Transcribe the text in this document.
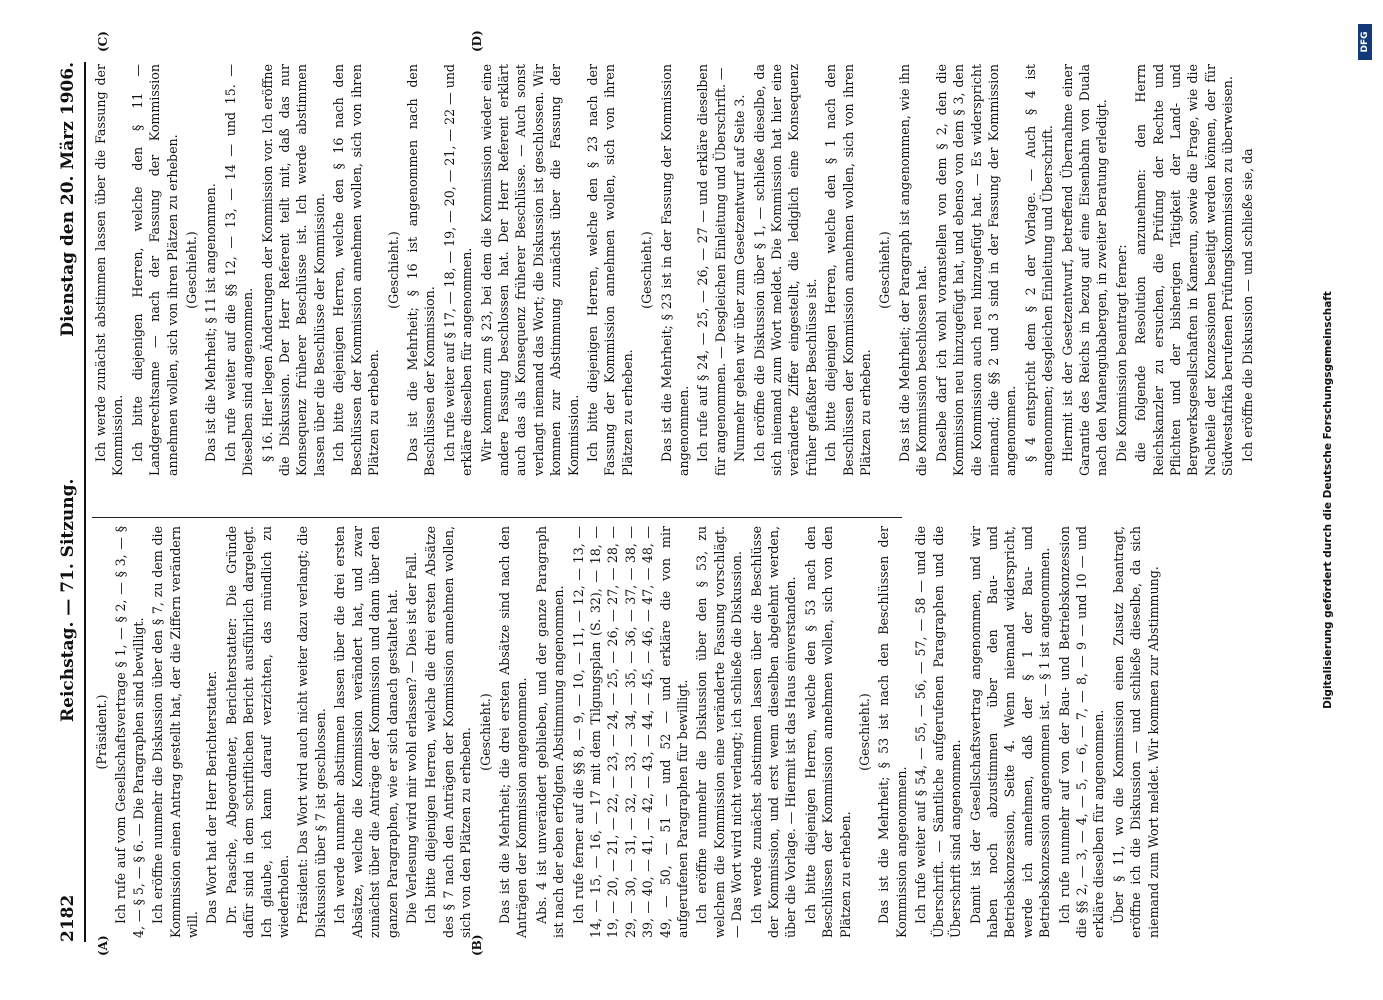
2182
Reichstag. — 71. Sitzung.
Dienstag den 20. März 1906.
(A)	(B)
(C)	(D)

(Präsident.) Ich rufe auf vom Gesellschaftsvertrage § 1, — § 2, — § 3, — § 4, — § 5, — § 6. — Die Paragraphen sind bewilligt. Ich eröffne nunmehr die Diskussion über den § 7, zu dem die Kommission einen Antrag gestellt hat, der die Ziffern verändern will.

Das Wort hat der Herr Berichterstatter. Dr. Paasche, Abgeordneter, Berichterstatter: Die Gründe dafür sind in dem schriftlichen Bericht ausführlich dargelegt. Ich glaube, ich kann darauf verzichten, das mündlich zu wiederholen. Präsident: Das Wort wird auch nicht weiter dazu verlangt; die Diskussion über § 7 ist geschlossen. Ich werde nunmehr abstimmen lassen über die drei ersten Absätze, welche die Kommission verändert hat, und zwar zunächst über die Anträge der Kommission und dann über den ganzen Paragraphen, wie er sich danach gestaltet hat. Die Verlesung wird mir wohl erlassen? — Dies ist der Fall. Ich bitte diejenigen Herren, welche die drei ersten Absätze des § 7 nach den Anträgen der Kommission annehmen wollen, sich von den Plätzen zu erheben. (Geschieht.) Das ist die Mehrheit; die drei ersten Absätze sind nach den Anträgen der Kommission angenommen. Abs. 4 ist unverändert geblieben, und der ganze Paragraph ist nach der eben erfolgten Abstimmung angenommen. Ich rufe ferner auf die §§ 8, — 9, — 10, — 11, — 12, — 13, — 14, — 15, — 16, — 17 mit dem Tilgungsplan (S. 32), — 18, — 19, — 20, — 21, — 22, — 23, — 24, — 25, — 26, — 27, — 28, — 29, — 30, — 31, — 32, — 33, — 34, — 35, — 36, — 37, — 38, — 39, — 40, — 41, — 42, — 43, — 44, — 45, — 46, — 47, — 48, — 49, — 50, — 51 — und 52 — und erkläre die von mir aufgerufenen Paragraphen für bewilligt. Ich eröffne nunmehr die Diskussion über den § 53, zu welchem die Kommission eine veränderte Fassung vorschlägt. — Das Wort wird nicht verlangt; ich schließe die Diskussion. Ich werde zunächst abstimmen lassen über die Beschlüsse der Kommission, und erst wenn dieselben abgelehnt werden, über die Vorlage. — Hiermit ist das Haus einverstanden. Ich bitte diejenigen Herren, welche den § 53 nach den Beschlüssen der Kommission annehmen wollen, sich von den Plätzen zu erheben.

(Geschieht.) Das ist die Mehrheit; § 53 ist nach den Beschlüssen der Kommission angenommen. Ich rufe weiter auf § 54, — 55, — 56, — 57, — 58 — und die Überschrift. — Sämtliche aufgerufenen Paragraphen und die Überschrift sind angenommen. Damit ist der Gesellschaftsvertrag angenommen, und wir haben noch abzustimmen über den Bau- und Betriebskonzession, Seite 4. Wenn niemand widerspricht, werde ich annehmen, daß der § 1 der Bau- und Betriebskonzession angenommen ist. — § 1 ist angenommen. Ich rufe nunmehr auf von der Bau- und Betriebskonzession die §§ 2, — 3, — 4, — 5, — 6, — 7, — 8, — 9 — und 10 — und erkläre dieselben für angenommen. Über § 11, wo die Kommission einen Zusatz beantragt, eröffne ich die Diskussion — und schließe dieselbe, da sich niemand zum Wort meldet. Wir kommen zur Abstimmung.

Ich werde zunächst abstimmen lassen über die Fassung der Kommission. Ich bitte diejenigen Herren, welche den § 11 — Landgerechtsame — nach der Fassung der Kommission annehmen wollen, sich von ihren Plätzen zu erheben. (Geschieht.) Das ist die Mehrheit; § 11 ist angenommen. Ich rufe weiter auf die §§ 12, — 13, — 14 — und 15. — Dieselben sind angenommen. § 16. Hier liegen Änderungen der Kommission vor. Ich eröffne die Diskussion. Der Herr Referent teilt mit, daß das nur Konsequenz früherer Beschlüsse ist. Ich werde abstimmen lassen über die Beschlüsse der Kommission. Ich bitte diejenigen Herren, welche den § 16 nach den Beschlüssen der Kommission annehmen wollen, sich von ihren Plätzen zu erheben.

(Geschieht.) Das ist die Mehrheit; § 16 ist angenommen nach den Beschlüssen der Kommission. Ich rufe weiter auf § 17, — 18, — 19, — 20, — 21, — 22 — und erkläre dieselben für angenommen. Wir kommen zum § 23, bei dem die Kommission wieder eine andere Fassung beschlossen hat. Der Herr Referent erklärt auch das als Konsequenz früherer Beschlüsse. — Auch sonst verlangt niemand das Wort; die Diskussion ist geschlossen. Wir kommen zur Abstimmung zunächst über die Fassung der Kommission. Ich bitte diejenigen Herren, welche den § 23 nach der Fassung der Kommission annehmen wollen, sich von ihren Plätzen zu erheben.

(Geschieht.) Das ist die Mehrheit; § 23 ist in der Fassung der Kommission angenommen. Ich rufe auf § 24, — 25, — 26, — 27 — und erkläre dieselben für angenommen. — Desgleichen Einleitung und Überschrift. — Nunmehr gehen wir über zum Gesetzentwurf auf Seite 3. Ich eröffne die Diskussion über § 1, — schließe dieselbe, da sich niemand zum Wort meldet. Die Kommission hat hier eine veränderte Ziffer eingestellt, die lediglich eine Konsequenz früher gefaßter Beschlüsse ist. Ich bitte diejenigen Herren, welche den § 1 nach den Beschlüssen der Kommission annehmen wollen, sich von ihren Plätzen zu erheben.

(Geschieht.) Das ist die Mehrheit; der Paragraph ist angenommen, wie ihn die Kommission beschlossen hat. Daselbe darf ich wohl voranstellen von dem § 2, den die Kommission neu hinzugefügt hat, und ebenso von dem § 3, den die Kommission auch neu hinzugefügt hat. — Es widerspricht niemand; die §§ 2 und 3 sind in der Fassung der Kommission angenommen. § 4 entspricht dem § 2 der Vorlage. — Auch § 4 ist angenommen; desgleichen Einleitung und Überschrift. Hiermit ist der Gesetzentwurf, betreffend Übernahme einer Garantie des Reichs in bezug auf eine Eisenbahn von Duala nach den Manengubabergen, in zweiter Beratung erledigt. Die Kommission beantragt ferner: die folgende Resolution anzunehmen: den Herrn Reichskanzler zu ersuchen, die Prüfung der Rechte und Pflichten und der bisherigen Tätigkeit der Land- und Bergwerksgesellschaften in Kamerun, sowie die Frage, wie die Nachteile der Konzessionen beseitigt werden können, der für Südwestafrika berufenen Prüfungskommission zu überweisen. Ich eröffne die Diskussion — und schließe sie, da	Digitalisierung gefördert durch die Deutsche Forschungsgemeinschaft
DFG
